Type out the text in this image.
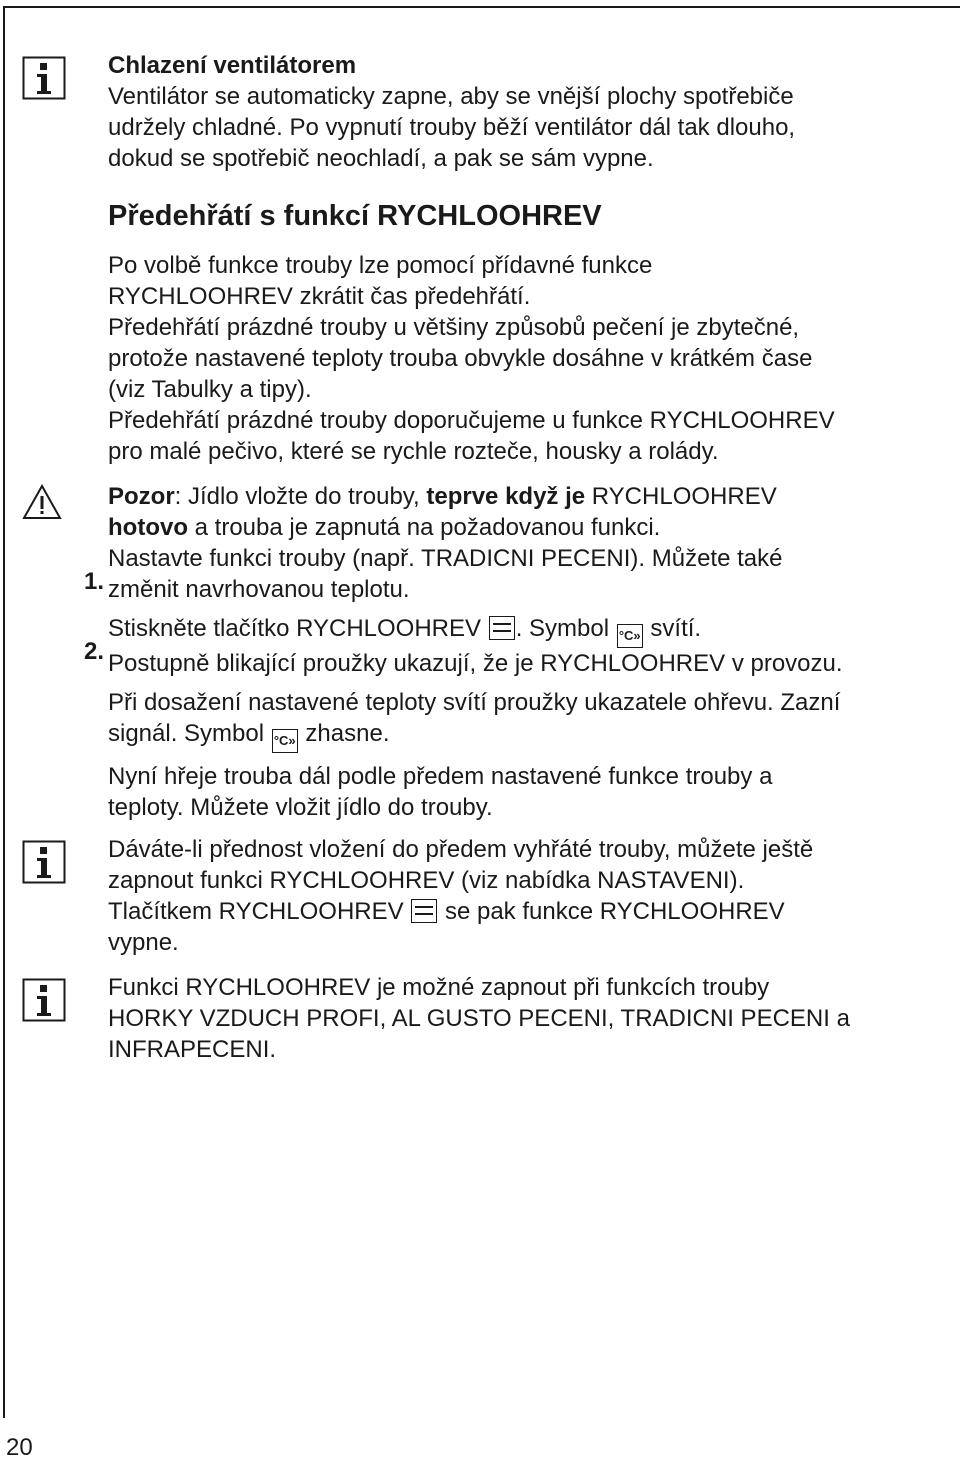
Chlazení ventilátorem

Ventilátor se automaticky zapne, aby se vnější plochy spotřebiče

udržely chladné. Po vypnutí trouby běží ventilátor dál tak dlouho,

dokud se spotřebič neochladí, a pak se sám vypne.

Předehřátí s funkcí RYCHLOOHREV

Po volbě funkce trouby lze pomocí přídavné funkce

RYCHLOOHREV zkrátit čas předehřátí.

Předehřátí prázdné trouby u většiny způsobů pečení je zbytečné,

protože nastavené teploty trouba obvykle dosáhne v krátkém čase

(viz Tabulky a tipy).

Předehřátí prázdné trouby doporučujeme u funkce RYCHLOOHREV

pro malé pečivo, které se rychle rozteče, housky a rolády.

Pozor: Jídlo vložte do trouby, teprve když je RYCHLOOHREV

hotovo a trouba je zapnutá na požadovanou funkci.

1.
Nastavte funkci trouby (např. TRADICNI PECENI). Můžete také

změnit navrhovanou teplotu.

2.
Stiskněte tlačítko RYCHLOOHREV . Symbol °C» svítí.

Postupně blikající proužky ukazují, že je RYCHLOOHREV v provozu.

Při dosažení nastavené teploty svítí proužky ukazatele ohřevu. Zazní

signál. Symbol °C» zhasne.

Nyní hřeje trouba dál podle předem nastavené funkce trouby a

teploty. Můžete vložit jídlo do trouby.

Dáváte-li přednost vložení do předem vyhřáté trouby, můžete ještě

zapnout funkci RYCHLOOHREV (viz nabídka NASTAVENI).

Tlačítkem RYCHLOOHREV se pak funkce RYCHLOOHREV

vypne.

Funkci RYCHLOOHREV je možné zapnout při funkcích trouby

HORKY VZDUCH PROFI, AL GUSTO PECENI, TRADICNI PECENI a

INFRAPECENI.

20
